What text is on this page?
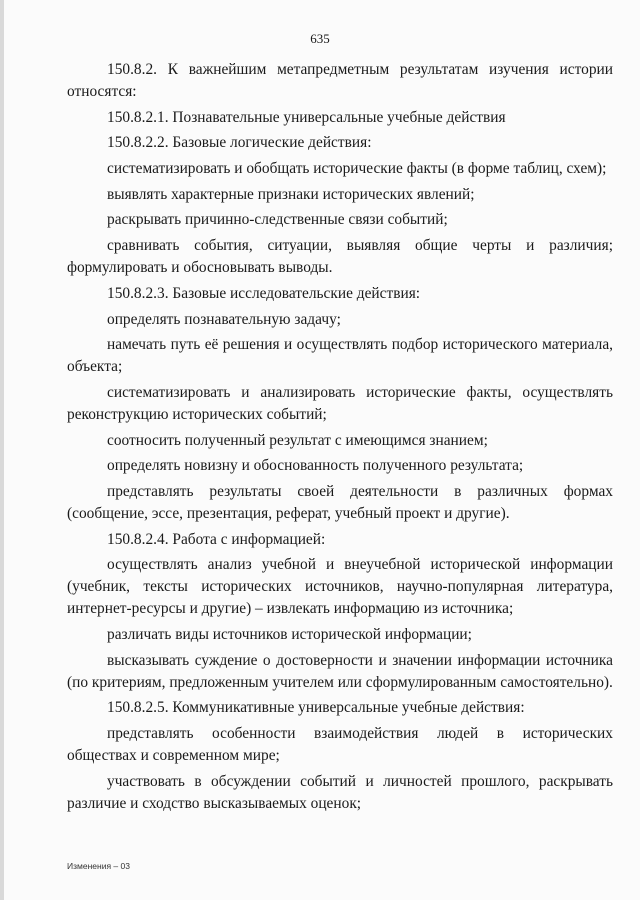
635

150.8.2. К важнейшим метапредметным результатам изучения истории относятся:

150.8.2.1. Познавательные универсальные учебные действия

150.8.2.2. Базовые логические действия:

систематизировать и обобщать исторические факты (в форме таблиц, схем);

выявлять характерные признаки исторических явлений;

раскрывать причинно-следственные связи событий;

сравнивать события, ситуации, выявляя общие черты и различия; формулировать и обосновывать выводы.

150.8.2.3. Базовые исследовательские действия:

определять познавательную задачу;

намечать путь её решения и осуществлять подбор исторического материала, объекта;

систематизировать и анализировать исторические факты, осуществлять реконструкцию исторических событий;

соотносить полученный результат с имеющимся знанием;

определять новизну и обоснованность полученного результата;

представлять результаты своей деятельности в различных формах (сообщение, эссе, презентация, реферат, учебный проект и другие).

150.8.2.4. Работа с информацией:

осуществлять анализ учебной и внеучебной исторической информации (учебник, тексты исторических источников, научно-популярная литература, интернет-ресурсы и другие) – извлекать информацию из источника;

различать виды источников исторической информации;

высказывать суждение о достоверности и значении информации источника (по критериям, предложенным учителем или сформулированным самостоятельно).

150.8.2.5. Коммуникативные универсальные учебные действия:

представлять особенности взаимодействия людей в исторических обществах и современном мире;

участвовать в обсуждении событий и личностей прошлого, раскрывать различие и сходство высказываемых оценок;

Изменения – 03
